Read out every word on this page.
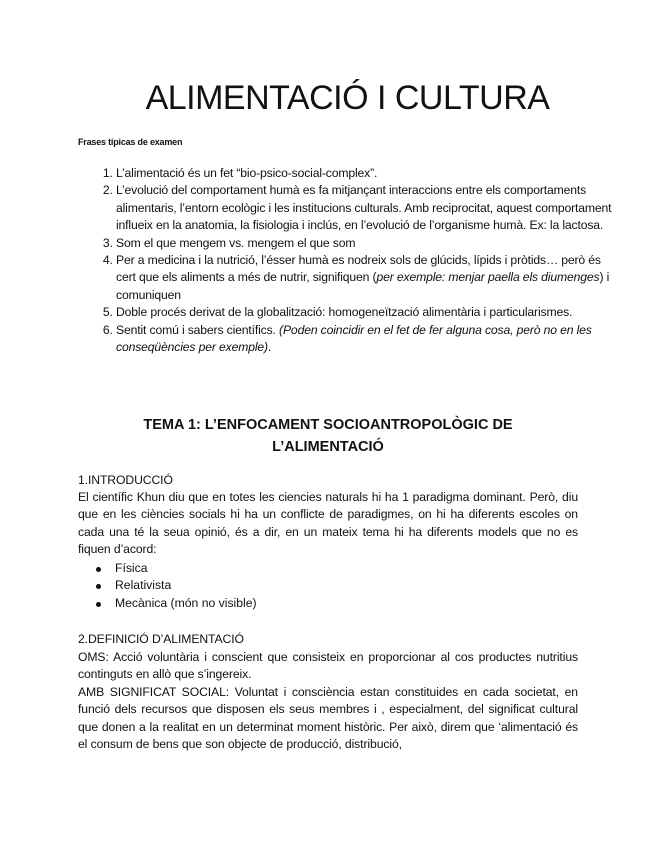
ALIMENTACIÓ I CULTURA

Frases típicas de examen

1. L’alimentació és un fet “bio-psico-social-complex”.
2. L’evolució del comportament humà es fa mitjançant interaccions entre els comportaments alimentaris, l’entorn ecològic i les institucions culturals. Amb reciprocitat, aquest comportament influeix en la anatomia, la fisiologia i inclús, en l’evolució de l’organisme humà. Ex: la lactosa.
3. Som el que mengem vs. mengem el que som
4. Per a medicina i la nutrició, l’ésser humà es nodreix sols de glúcids, lípids i pròtids… però és cert que els aliments a més de nutrir, signifiquen (per exemple: menjar paella els diumenges) i comuniquen
5. Doble procés derivat de la globalització: homogeneïtzació alimentària i particularismes.
6. Sentit comú i sabers científics. (Poden coincidir en el fet de fer alguna cosa, però no en les conseqüències per exemple).
TEMA 1: L’ENFOCAMENT SOCIOANTROPOLÒGIC DE
L’ALIMENTACIÓ

1.INTRODUCCIÓ

El científic Khun diu que en totes les ciencies naturals hi ha 1 paradigma dominant. Però, diu que en les ciències socials hi ha un conflicte de paradigmes, on hi ha diferents escoles on cada una té la seua opinió, és a dir, en un mateix tema hi ha diferents models que no es fiquen d’acord:

Física
Relativista
Mecànica (món no visible)

2.DEFINICIÓ D’ALIMENTACIÓ

OMS: Acció voluntària i conscient que consisteix en proporcionar al cos productes nutritius continguts en allò que s’ingereix.

AMB SIGNIFICAT SOCIAL: Voluntat i consciència estan constituides en cada societat, en funció dels recursos que disposen els seus membres i , especialment, del significat cultural que donen a la realitat en un determinat moment històric. Per això, direm que ‘alimentació és el consum de bens que son objecte de producció, distribució,
